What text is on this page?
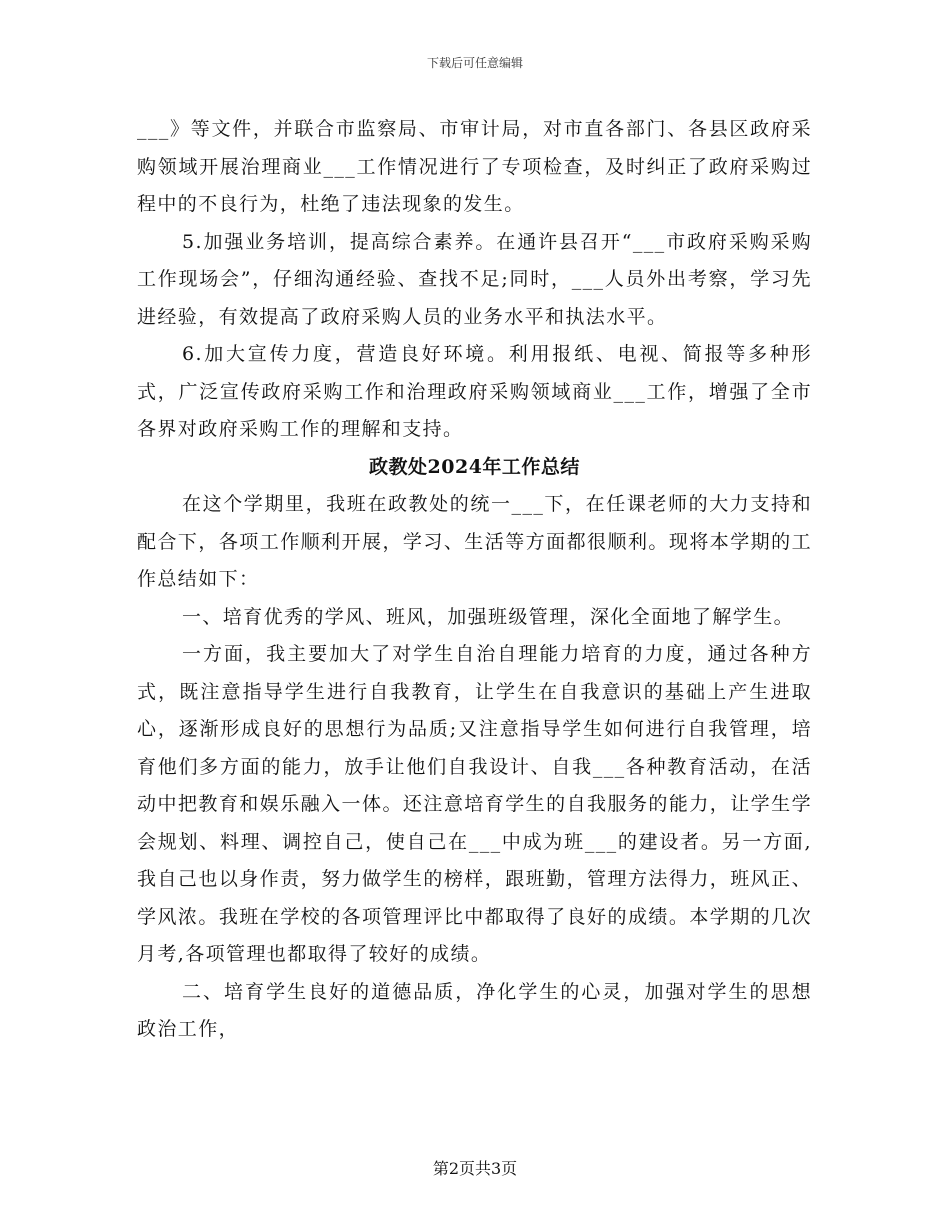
下载后可任意编辑

___》等文件，并联合市监察局、市审计局，对市直各部门、各县区政府采购领域开展治理商业___工作情况进行了专项检查，及时纠正了政府采购过程中的不良行为，杜绝了违法现象的发生。

5.加强业务培训，提高综合素养。在通许县召开“___市政府采购采购工作现场会”，仔细沟通经验、查找不足;同时，___人员外出考察，学习先进经验，有效提高了政府采购人员的业务水平和执法水平。

6.加大宣传力度，营造良好环境。利用报纸、电视、简报等多种形式，广泛宣传政府采购工作和治理政府采购领域商业___工作，增强了全市各界对政府采购工作的理解和支持。

政教处2024年工作总结

在这个学期里，我班在政教处的统一___下，在任课老师的大力支持和配合下，各项工作顺利开展，学习、生活等方面都很顺利。现将本学期的工作总结如下：

一、培育优秀的学风、班风，加强班级管理，深化全面地了解学生。

一方面，我主要加大了对学生自治自理能力培育的力度，通过各种方式，既注意指导学生进行自我教育，让学生在自我意识的基础上产生进取心，逐渐形成良好的思想行为品质;又注意指导学生如何进行自我管理，培育他们多方面的能力，放手让他们自我设计、自我___各种教育活动，在活动中把教育和娱乐融入一体。还注意培育学生的自我服务的能力，让学生学会规划、料理、调控自己，使自己在___中成为班___的建设者。另一方面,我自己也以身作责，努力做学生的榜样，跟班勤，管理方法得力，班风正、学风浓。我班在学校的各项管理评比中都取得了良好的成绩。本学期的几次月考,各项管理也都取得了较好的成绩。

二、培育学生良好的道德品质，净化学生的心灵，加强对学生的思想政治工作，

第2页共3页
